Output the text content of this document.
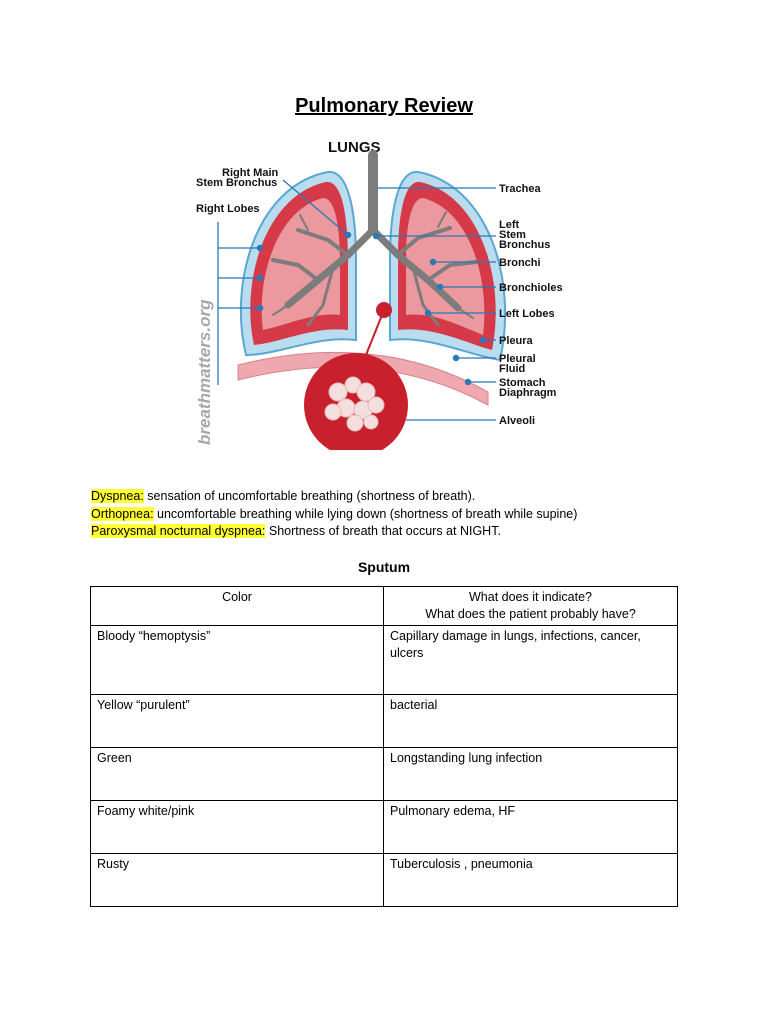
Pulmonary Review
LUNGS
Right Main
Stem Bronchus
Right Lobes
Trachea
Left
Stem
Bronchus
Bronchi
Bronchioles
Left Lobes
Pleura
Pleural
Fluid
Stomach
Diaphragm
Alveoli
breathmatters.org
Dyspnea: sensation of uncomfortable breathing (shortness of breath).
Orthopnea: uncomfortable breathing while lying down (shortness of breath while supine)
Paroxysmal nocturnal dyspnea: Shortness of breath that occurs at NIGHT.
Sputum
Color	What does it indicate?
What does the patient probably have?

Bloody “hemoptysis”	Capillary damage in lungs, infections, cancer,
ulcers

Yellow “purulent”	bacterial
Green	Longstanding lung infection
Foamy white/pink	Pulmonary edema, HF
Rusty	Tuberculosis , pneumonia
